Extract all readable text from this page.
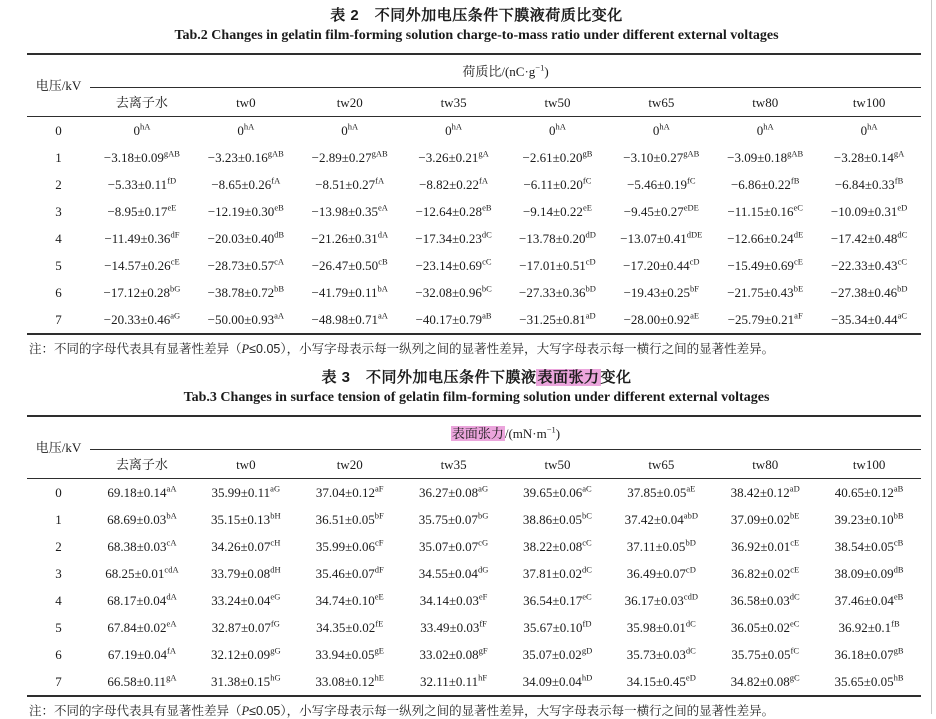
表 2　不同外加电压条件下膜液荷质比变化
Tab.2 Changes in gelatin film-forming solution charge-to-mass ratio under different external voltages
电压/kV	荷质比$/(nC\cdot g^{-1})$							
	去离子水	tw0	tw20	tw35	tw50	tw65	tw80	tw100
0	$0^{hA}$	$0^{hA}$	$0^{hA}$	$0^{hA}$	$0^{hA}$	$0^{hA}$	$0^{hA}$	$0^{hA}$
1	$-3.18\pm 0.09^{gAB}$	$-3.23\pm 0.16^{gAB}$	$-2.89\pm 0.27^{gAB}$	$-3.26\pm 0.21^{gA}$	$-2.61\pm 0.20^{gB}$	$-3.10\pm 0.27^{gAB}$	$-3.09\pm 0.18^{gAB}$	$-3.28\pm 0.14^{gA}$
2	$-5.33\pm 0.11^{fD}$	$-8.65\pm 0.26^{fA}$	$-8.51\pm 0.27^{fA}$	$-8.82\pm 0.22^{fA}$	$-6.11\pm 0.20^{fC}$	$-5.46\pm 0.19^{fC}$	$-6.86\pm 0.22^{fB}$	$-6.84\pm 0.33^{fB}$
3	$-8.95\pm 0.17^{eE}$	$-12.19\pm 0.30^{eB}$	$-13.98\pm 0.35^{eA}$	$-12.64\pm 0.28^{eB}$	$-9.14\pm 0.22^{eE}$	$-9.45\pm 0.27^{eDE}$	$-11.15\pm 0.16^{eC}$	$-10.09\pm 0.31^{eD}$
4	$-11.49\pm 0.36^{dF}$	$-20.03\pm 0.40^{dB}$	$-21.26\pm 0.31^{dA}$	$-17.34\pm 0.23^{dC}$	$-13.78\pm 0.20^{dD}$	$-13.07\pm 0.41^{dDE}$	−12.66±0.24dE	$-17.42\pm 0.48^{dC}$
5	$-14.57\pm 0.26^{cE}$	$-28.73\pm 0.57^{cA}$	$-26.47\pm 0.50^{cB}$	$-23.14\pm 0.69^{cC}$	$-17.01\pm 0.51^{cD}$	$-17.20\pm 0.44^{cD}$	$-15.49\pm 0.69^{cE}$	$-22.33\pm 0.43^{cC}$
6	$-17.12\pm 0.28^{bG}$	$-38.78\pm 0.72^{bB}$	$-41.79\pm 0.11^{bA}$	$-32.08\pm 0.96^{bC}$	$-27.33\pm 0.36^{bD}$	$-19.43\pm 0.25^{bF}$	$-21.75\pm 0.43^{bE}$	$-27.38\pm 0.46^{bD}$
7	$-20.33\pm 0.46^{aG}$	$-50.00\pm 0.93^{aA}$	$-48.98\pm 0.71^{aA}$	$-40.17\pm 0.79^{aB}$	$-31.25\pm 0.81^{aD}$	$-28.00\pm 0.92^{aE}$	$-25.79\pm 0.21^{aF}$	$-35.34\pm 0.44^{aC}$
注：不同的字母代表具有显著性差异（P≤0.05），小写字母表示每一纵列之间的显著性差异，大写字母表示每一横行之间的显著性差异。
表 3　不同外加电压条件下膜液表面张力变化
Tab.3 Changes in surface tension of gelatin film-forming solution under different external voltages
电压/kV	表面张力$/(mN\cdot m^{-1})$							
	去离子水	tw0	tw20	tw35	tw50	tw65	tw80	tw100
0	$69.18\pm 0.14^{aA}$	$35.99\pm 0.11^{aG}$	$37.04\pm 0.12^{aF}$	$36.27\pm 0.08^{aG}$	$39.65\pm 0.06^{aC}$	$37.85\pm 0.05^{aE}$	$38.42\pm 0.12^{aD}$	$40.65\pm 0.12^{aB}$
1	$68.69\pm 0.03^{bA}$	$35.15\pm 0.13^{bH}$	$36.51\pm 0.05^{bF}$	$35.75\pm 0.07^{bG}$	$38.86\pm 0.05^{bC}$	$37.42\pm 0.04^{abD}$	$37.09\pm 0.02^{bE}$	$39.23\pm 0.10^{bB}$
2	$68.38\pm 0.03^{cA}$	$34.26\pm 0.07^{cH}$	$35.99\pm 0.06^{cF}$	$35.07\pm 0.07^{cG}$	$38.22\pm 0.08^{cC}$	$37.11\pm 0.05^{bD}$	$36.92\pm 0.01^{cE}$	$38.54\pm 0.05^{cB}$
3	$68.25\pm 0.01^{cdA}$	$33.79\pm 0.08^{dH}$	$35.46\pm 0.07^{dF}$	$34.55\pm 0.04^{dG}$	$37.81\pm 0.02^{dC}$	$36.49\pm 0.07^{cD}$	$36.82\pm 0.02^{cE}$	$38.09\pm 0.09^{dB}$
4	$68.17\pm 0.04^{dA}$	$33.24\pm 0.04^{eG}$	$34.74\pm 0.10^{eE}$	$34.14\pm 0.03^{eF}$	$36.54\pm 0.17^{eC}$	$36.17\pm 0.03^{cdD}$	$36.58\pm 0.03^{dC}$	$37.46\pm 0.04^{eB}$
5	$67.84\pm 0.02^{eA}$	$32.87\pm 0.07^{fG}$	$34.35\pm 0.02^{fE}$	$33.49\pm 0.03^{fF}$	$35.67\pm 0.10^{fD}$	$35.98\pm 0.01^{dC}$	$36.05\pm 0.02^{eC}$	$36.92\pm 0.1^{fB}$
6	$67.19\pm 0.04^{fA}$	$32.12\pm 0.09^{gG}$	$33.94\pm 0.05^{gE}$	$33.02\pm 0.08^{gF}$	$35.07\pm 0.02^{gD}$	$35.73\pm 0.03^{dC}$	$35.75\pm 0.05^{fC}$	$36.18\pm 0.07^{gB}$
7	$66.58\pm 0.11^{gA}$	$31.38\pm 0.15^{hG}$	$33.08\pm 0.12^{hE}$	$32.11\pm 0.11^{hF}$	$34.09\pm 0.04^{hD}$	$34.15\pm 0.45^{eD}$	$34.82\pm 0.08^{gC}$	$35.65\pm 0.05^{hB}$
注：不同的字母代表具有显著性差异（P≤0.05），小写字母表示每一纵列之间的显著性差异，大写字母表示每一横行之间的显著性差异。
